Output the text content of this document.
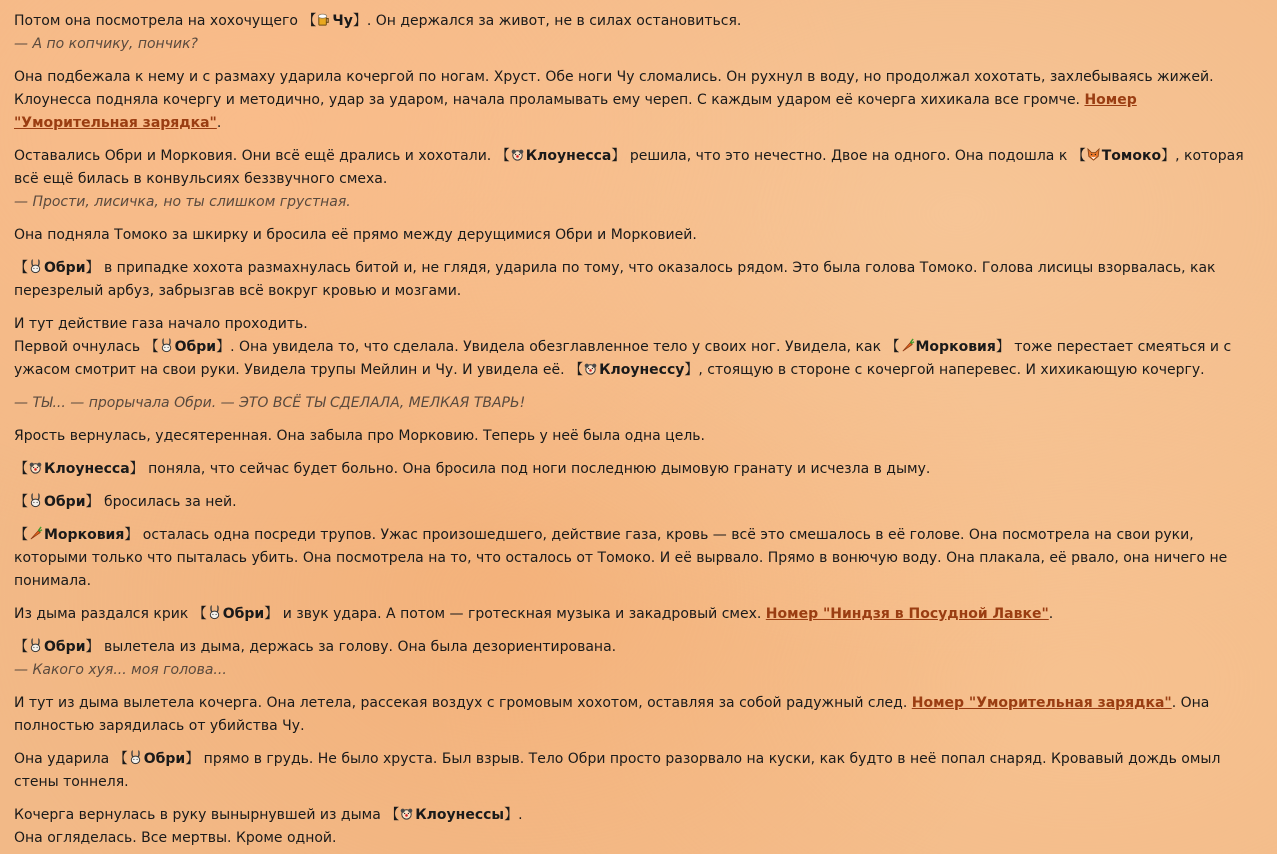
Потом она посмотрела на хохочущего 【 Чу】. Он держался за живот, не в силах остановиться.
— А по копчику, пончик?

Она подбежала к нему и с размаху ударила кочергой по ногам. Хруст. Обе ноги Чу сломались. Он рухнул в воду, но продолжал хохотать, захлебываясь жижей. Клоунесса подняла кочергу и методично, удар за ударом, начала проламывать ему череп. С каждым ударом её кочерга хихикала все громче. Номер "Уморительная зарядка".

Оставались Обри и Морковия. Они всё ещё дрались и хохотали. 【 Клоунесса】 решила, что это нечестно. Двое на одного. Она подошла к 【 Томоко】, которая всё ещё билась в конвульсиях беззвучного смеха.
— Прости, лисичка, но ты слишком грустная.

Она подняла Томоко за шкирку и бросила её прямо между дерущимися Обри и Морковией.

【 Обри】 в припадке хохота размахнулась битой и, не глядя, ударила по тому, что оказалось рядом. Это была голова Томоко. Голова лисицы взорвалась, как перезрелый арбуз, забрызгав всё вокруг кровью и мозгами.

И тут действие газа начало проходить.
Первой очнулась 【 Обри】. Она увидела то, что сделала. Увидела обезглавленное тело у своих ног. Увидела, как 【 Морковия】 тоже перестает смеяться и с ужасом смотрит на свои руки. Увидела трупы Мейлин и Чу. И увидела её. 【 Клоунессу】, стоящую в стороне с кочергой наперевес. И хихикающую кочергу.

— ТЫ... — прорычала Обри. — ЭТО ВСЁ ТЫ СДЕЛАЛА, МЕЛКАЯ ТВАРЬ!

Ярость вернулась, удесятеренная. Она забыла про Морковию. Теперь у неё была одна цель.

【 Клоунесса】 поняла, что сейчас будет больно. Она бросила под ноги последнюю дымовую гранату и исчезла в дыму.

【 Обри】 бросилась за ней.

【 Морковия】 осталась одна посреди трупов. Ужас произошедшего, действие газа, кровь — всё это смешалось в её голове. Она посмотрела на свои руки, которыми только что пыталась убить. Она посмотрела на то, что осталось от Томоко. И её вырвало. Прямо в вонючую воду. Она плакала, её рвало, она ничего не понимала.

Из дыма раздался крик 【 Обри】 и звук удара. А потом — гротескная музыка и закадровый смех. Номер "Ниндзя в Посудной Лавке".

【 Обри】 вылетела из дыма, держась за голову. Она была дезориентирована.
— Какого хуя... моя голова...

И тут из дыма вылетела кочерга. Она летела, рассекая воздух с громовым хохотом, оставляя за собой радужный след. Номер "Уморительная зарядка". Она полностью зарядилась от убийства Чу.

Она ударила 【 Обри】 прямо в грудь. Не было хруста. Был взрыв. Тело Обри просто разорвало на куски, как будто в неё попал снаряд. Кровавый дождь омыл стены тоннеля.

Кочерга вернулась в руку вынырнувшей из дыма 【 Клоунессы】.
Она огляделась. Все мертвы. Кроме одной.
